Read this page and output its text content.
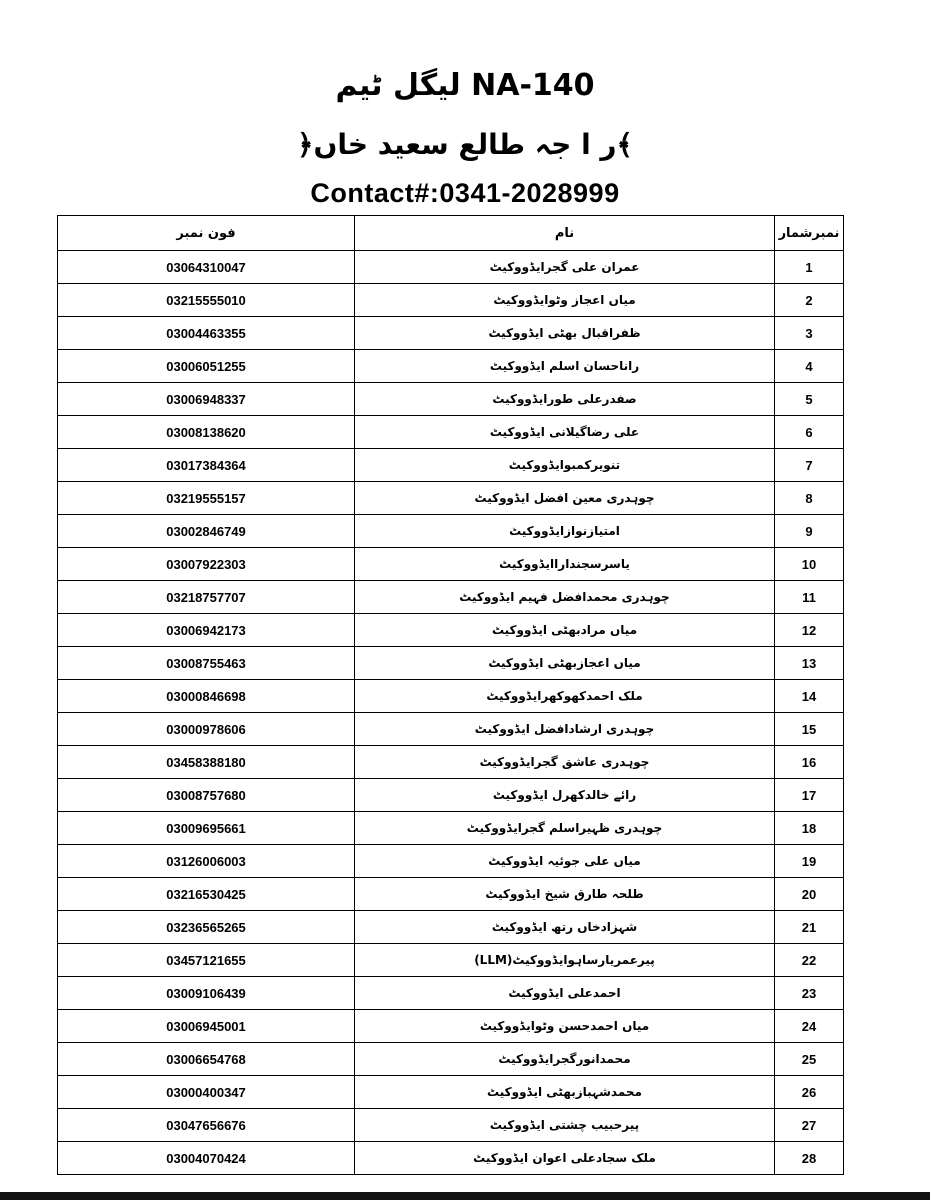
لیگل ٹیم NA-140
﴿ر ا جہ طالع سعید خاں﴾
Contact#:0341-2028999
فون نمبر	نام	نمبرشمار
03064310047	عمران علی گجرایڈووکیٹ	1
03215555010	میاں اعجاز وٹوایڈووکیٹ	2
03004463355	ظفراقبال بھٹی ایڈووکیٹ	3
03006051255	راناحسان اسلم ایڈووکیٹ	4
03006948337	صفدرعلی طورایڈووکیٹ	5
03008138620	علی رضاگیلانی ایڈووکیٹ	6
03017384364	تنویرکمبوایڈووکیٹ	7
03219555157	چوہدری معین افضل ایڈووکیٹ	8
03002846749	امتیازنوازایڈووکیٹ	9
03007922303	یاسرسجنداراایڈووکیٹ	10
03218757707	چوہدری محمدافضل فہیم ایڈووکیٹ	11
03006942173	میاں مرادبھٹی ایڈووکیٹ	12
03008755463	میاں اعجازبھٹی ایڈووکیٹ	13
03000846698	ملک احمدکھوکھرایڈووکیٹ	14
03000978606	چوہدری ارشادافضل ایڈووکیٹ	15
03458388180	چوہدری عاشق گجرایڈووکیٹ	16
03008757680	رائے خالدکھرل ایڈووکیٹ	17
03009695661	چوہدری ظہیراسلم گجرایڈووکیٹ	18
03126006003	میاں علی جوئیہ ایڈووکیٹ	19
03216530425	طلحہ طارق شیخ ایڈووکیٹ	20
03236565265	شہزادخاں رتھ ایڈووکیٹ	21
03457121655	پیرعمریارساہوایڈووکیٹ(LLM)	22
03009106439	احمدعلی ایڈووکیٹ	23
03006945001	میاں احمدحسن وٹوایڈووکیٹ	24
03006654768	محمدانورگجرایڈووکیٹ	25
03000400347	محمدشہبازبھٹی ایڈووکیٹ	26
03047656676	پیرحبیب چشتی ایڈووکیٹ	27
03004070424	ملک سجادعلی اعوان ایڈووکیٹ	28
